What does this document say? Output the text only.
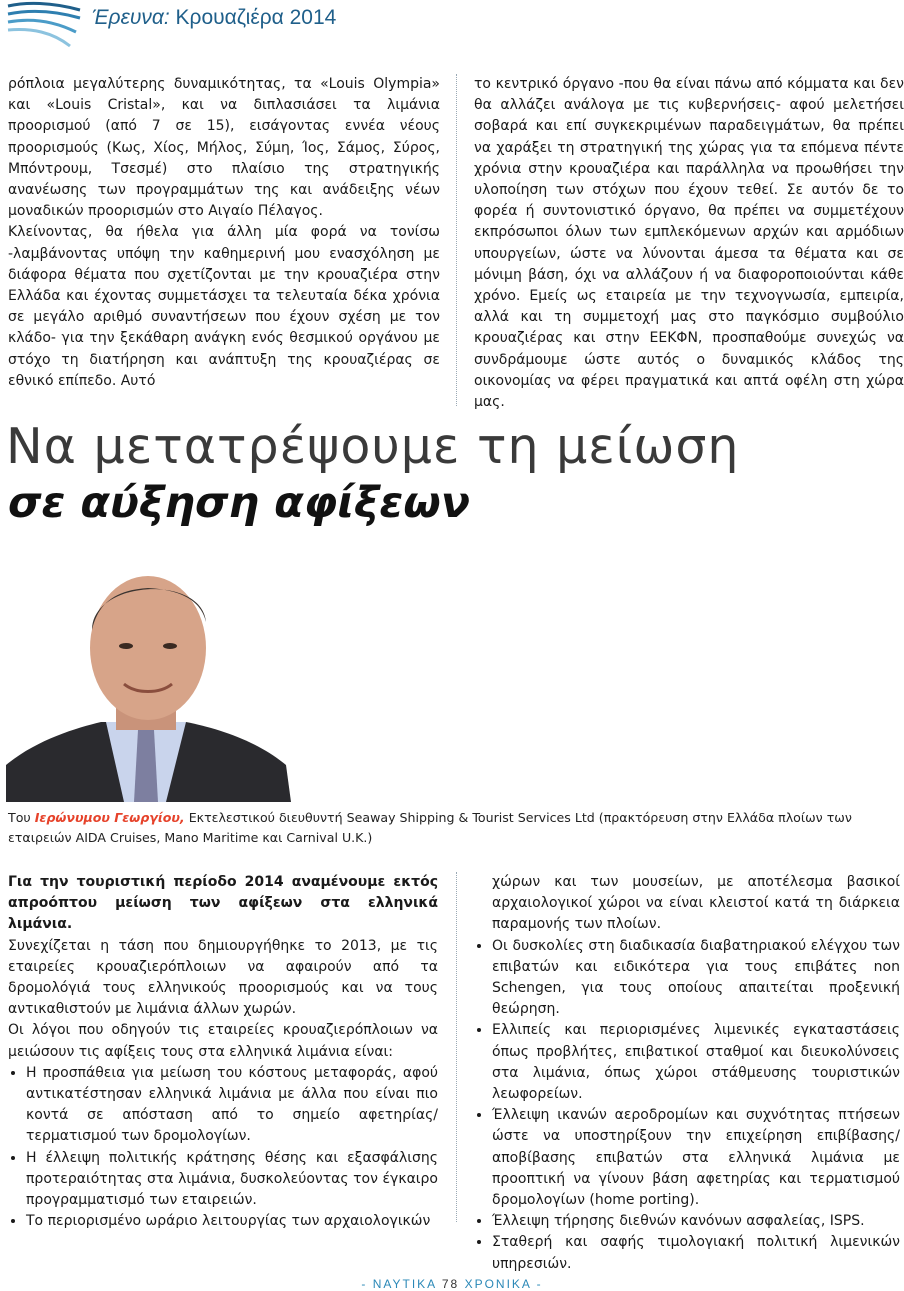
Έρευνα: Κρουαζιέρα 2014

ρόπλοια μεγαλύτερης δυναμικότητας, τα «Louis Olympia» και «Louis Cristal», και να διπλασιάσει τα λιμάνια προορισμού (από 7 σε 15), εισάγοντας εννέα νέους προορισμούς (Κως, Χίος, Μήλος, Σύμη, Ίος, Σάμος, Σύρος, Μπόντρουμ, Τσεσμέ) στο πλαίσιο της στρατηγικής ανανέωσης των προγραμμάτων της και ανάδειξης νέων μοναδικών προορισμών στο Αιγαίο Πέλαγος.

Κλείνοντας, θα ήθελα για άλλη μία φορά να τονίσω -λαμβάνοντας υπόψη την καθημερινή μου ενασχόληση με διάφορα θέματα που σχετίζονται με την κρουαζιέρα στην Ελλάδα και έχοντας συμμετάσχει τα τελευταία δέκα χρόνια σε μεγάλο αριθμό συναντήσεων που έχουν σχέση με τον κλάδο- για την ξεκάθαρη ανάγκη ενός θεσμικού οργάνου με στόχο τη διατήρηση και ανάπτυξη της κρουαζιέρας σε εθνικό επίπεδο. Αυτό

το κεντρικό όργανο -που θα είναι πάνω από κόμματα και δεν θα αλλάζει ανάλογα με τις κυβερνήσεις- αφού μελετήσει σοβαρά και επί συγκεκριμένων παραδειγμάτων, θα πρέπει να χαράξει τη στρατηγική της χώρας για τα επόμενα πέντε χρόνια στην κρουαζιέρα και παράλληλα να προωθήσει την υλοποίηση των στόχων που έχουν τεθεί. Σε αυτόν δε το φορέα ή συντονιστικό όργανο, θα πρέπει να συμμετέχουν εκπρόσωποι όλων των εμπλεκόμενων αρχών και αρμόδιων υπουργείων, ώστε να λύνονται άμεσα τα θέματα και σε μόνιμη βάση, όχι να αλλάζουν ή να διαφοροποιούνται κάθε χρόνο. Εμείς ως εταιρεία με την τεχνογνωσία, εμπειρία, αλλά και τη συμμετοχή μας στο παγκόσμιο συμβούλιο κρουαζιέρας και στην ΕΕΚΦΝ, προσπαθούμε συνεχώς να συνδράμουμε ώστε αυτός ο δυναμικός κλάδος της οικονομίας να φέρει πραγματικά και απτά οφέλη στη χώρα μας.

Να μετατρέψουμε τη μείωση
σε αύξηση αφίξεων
Του Ιερώνυμου Γεωργίου, Εκτελεστικού διευθυντή Seaway Shipping & Tourist Services Ltd (πρακτόρευση στην Ελλάδα πλοίων των εταιρειών AIDA Cruises, Mano Maritime και Carnival U.K.)

Για την τουριστική περίοδο 2014 αναμένουμε εκτός απροόπτου μείωση των αφίξεων στα ελληνικά λιμάνια.

Συνεχίζεται η τάση που δημιουργήθηκε το 2013, με τις εταιρείες κρουαζιερόπλοιων να αφαιρούν από τα δρομολόγιά τους ελληνικούς προορισμούς και να τους αντικαθιστούν με λιμάνια άλλων χωρών.

Οι λόγοι που οδηγούν τις εταιρείες κρουαζιερόπλοιων να μειώσουν τις αφίξεις τους στα ελληνικά λιμάνια είναι:

• Η προσπάθεια για μείωση του κόστους μεταφοράς, αφού αντικατέστησαν ελληνικά λιμάνια με άλλα που είναι πιο κοντά σε απόσταση από το σημείο αφετηρίας/τερματισμού των δρομολογίων.
• Η έλλειψη πολιτικής κράτησης θέσης και εξασφάλισης προτεραιότητας στα λιμάνια, δυσκολεύοντας τον έγκαιρο προγραμματισμό των εταιρειών.
• Το περιορισμένο ωράριο λειτουργίας των αρχαιολογικών

χώρων και των μουσείων, με αποτέλεσμα βασικοί αρχαιολογικοί χώροι να είναι κλειστοί κατά τη διάρκεια παραμονής των πλοίων.

• Οι δυσκολίες στη διαδικασία διαβατηριακού ελέγχου των επιβατών και ειδικότερα για τους επιβάτες non Schengen, για τους οποίους απαιτείται προξενική θεώρηση.
• Ελλιπείς και περιορισμένες λιμενικές εγκαταστάσεις όπως προβλήτες, επιβατικοί σταθμοί και διευκολύνσεις στα λιμάνια, όπως χώροι στάθμευσης τουριστικών λεωφορείων.
• Έλλειψη ικανών αεροδρομίων και συχνότητας πτήσεων ώστε να υποστηρίξουν την επιχείρηση επιβίβασης/αποβίβασης επιβατών στα ελληνικά λιμάνια με προοπτική να γίνουν βάση αφετηρίας και τερματισμού δρομολογίων (home porting).
• Έλλειψη τήρησης διεθνών κανόνων ασφαλείας, ISPS.
• Σταθερή και σαφής τιμολογιακή πολιτική λιμενικών υπηρεσιών.
- ΝΑΥΤΙΚΑ 78 ΧΡΟΝΙΚΑ -
